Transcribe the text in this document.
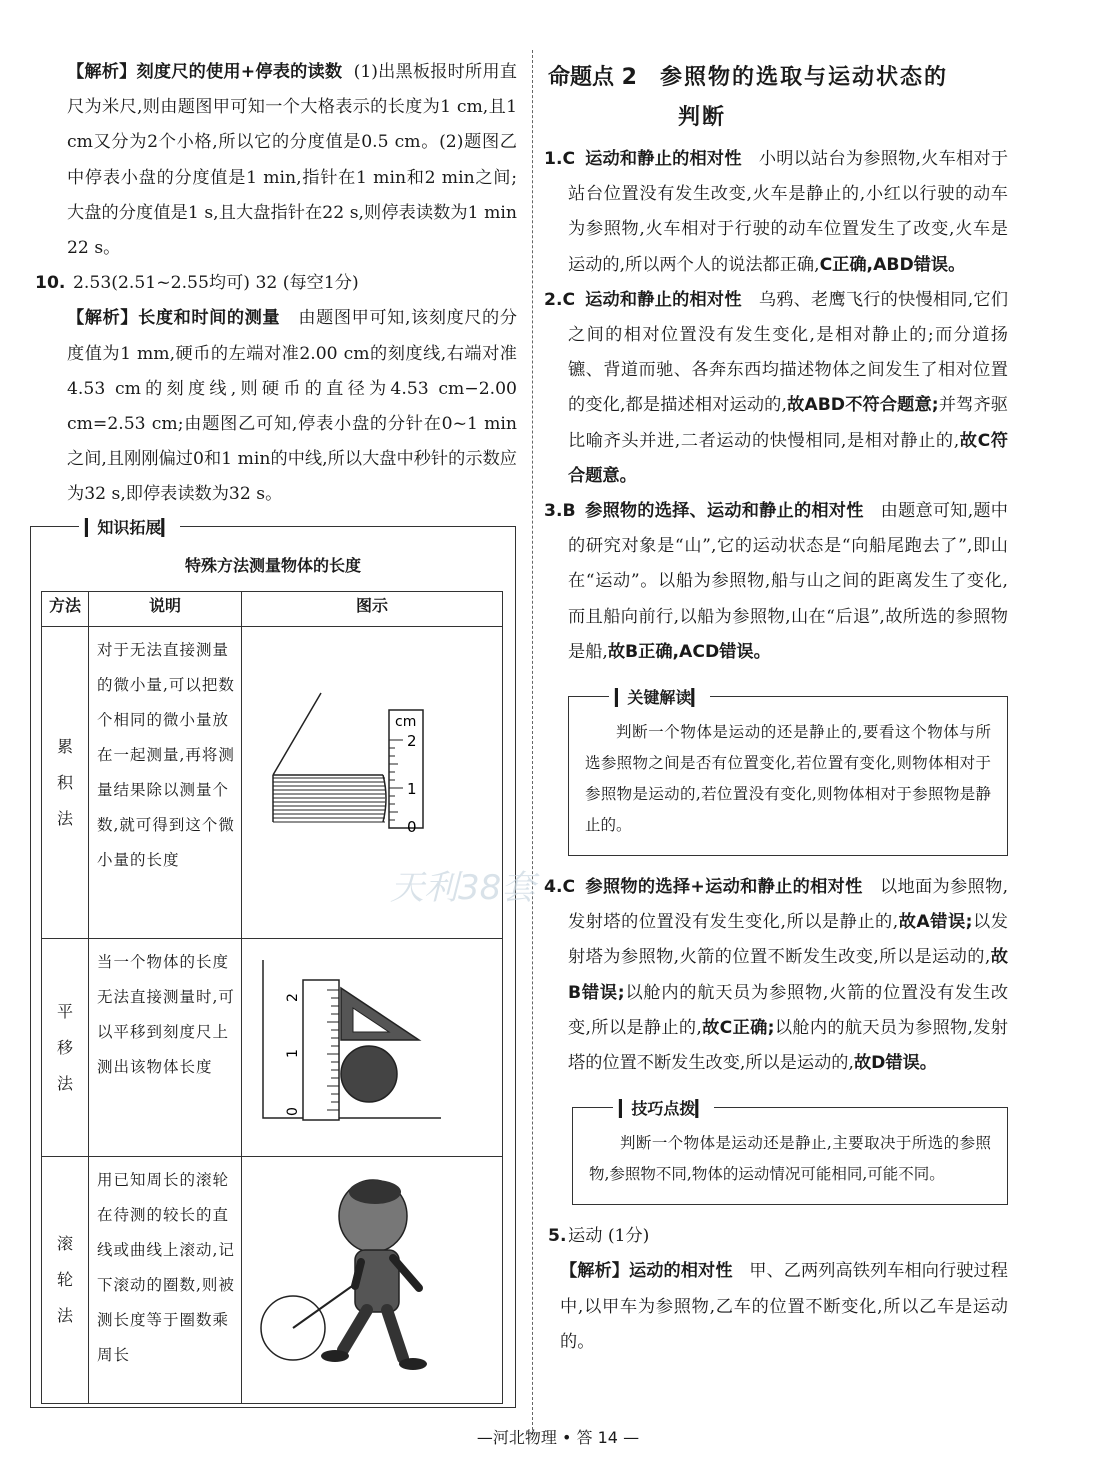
【解析】刻度尺的使用+停表的读数 (1)出黑板报时所用直尺为米尺,则由题图甲可知一个大格表示的长度为1 cm,且1 cm又分为2个小格,所以它的分度值是0.5 cm。(2)题图乙中停表小盘的分度值是1 min,指针在1 min和2 min之间;大盘的分度值是1 s,且大盘指针在22 s,则停表读数为1 min 22 s。

10. 2.53(2.51~2.55均可) 32 (每空1分)

【解析】长度和时间的测量 由题图甲可知,该刻度尺的分度值为1 mm,硬币的左端对准2.00 cm的刻度线,右端对准4.53 cm的刻度线,则硬币的直径为4.53 cm−2.00 cm=2.53 cm;由题图乙可知,停表小盘的分针在0~1 min之间,且刚刚偏过0和1 min的中线,所以大盘中秒针的示数应为32 s,即停表读数为32 s。

▎知识拓展▎
特殊方法测量物体的长度
方法	说明	图示

累积法	对于无法直接测量的微小量,可以把数个相同的微小量放在一起测量,再将测量结果除以测量个数,就可得到这个微小量的长度	cm
2
1
0

平移法	当一个物体的长度无法直接测量时,可以平移到刻度尺上测出该物体长度	2
1
0

滚轮法	用已知周长的滚轮在待测的较长的直线或曲线上滚动,记下滚动的圈数,则被测长度等于圈数乘周长	
命题点 2 参照物的选取与运动状态的
判断

1.C 运动和静止的相对性 小明以站台为参照物,火车相对于站台位置没有发生改变,火车是静止的,小红以行驶的动车为参照物,火车相对于行驶的动车位置发生了改变,火车是运动的,所以两个人的说法都正确,C正确,ABD错误。

2.C 运动和静止的相对性 乌鸦、老鹰飞行的快慢相同,它们之间的相对位置没有发生变化,是相对静止的;而分道扬镳、背道而驰、各奔东西均描述物体之间发生了相对位置的变化,都是描述相对运动的,故ABD不符合题意;并驾齐驱比喻齐头并进,二者运动的快慢相同,是相对静止的,故C符合题意。

3.B 参照物的选择、运动和静止的相对性 由题意可知,题中的研究对象是“山”,它的运动状态是“向船尾跑去了”,即山在“运动”。以船为参照物,船与山之间的距离发生了变化,而且船向前行,以船为参照物,山在“后退”,故所选的参照物是船,故B正确,ACD错误。

▎关键解读▎

判断一个物体是运动的还是静止的,要看这个物体与所选参照物之间是否有位置变化,若位置有变化,则物体相对于参照物是运动的,若位置没有变化,则物体相对于参照物是静止的。

4.C 参照物的选择+运动和静止的相对性 以地面为参照物,发射塔的位置没有发生变化,所以是静止的,故A错误;以发射塔为参照物,火箭的位置不断发生改变,所以是运动的,故B错误;以舱内的航天员为参照物,火箭的位置没有发生改变,所以是静止的,故C正确;以舱内的航天员为参照物,发射塔的位置不断发生改变,所以是运动的,故D错误。

▎技巧点拨▎

判断一个物体是运动还是静止,主要取决于所选的参照物,参照物不同,物体的运动情况可能相同,可能不同。

5. 运动 (1分)

【解析】运动的相对性 甲、乙两列高铁列车相向行驶过程中,以甲车为参照物,乙车的位置不断变化,所以乙车是运动的。

天利38套
—河北物理 • 答 14 —
